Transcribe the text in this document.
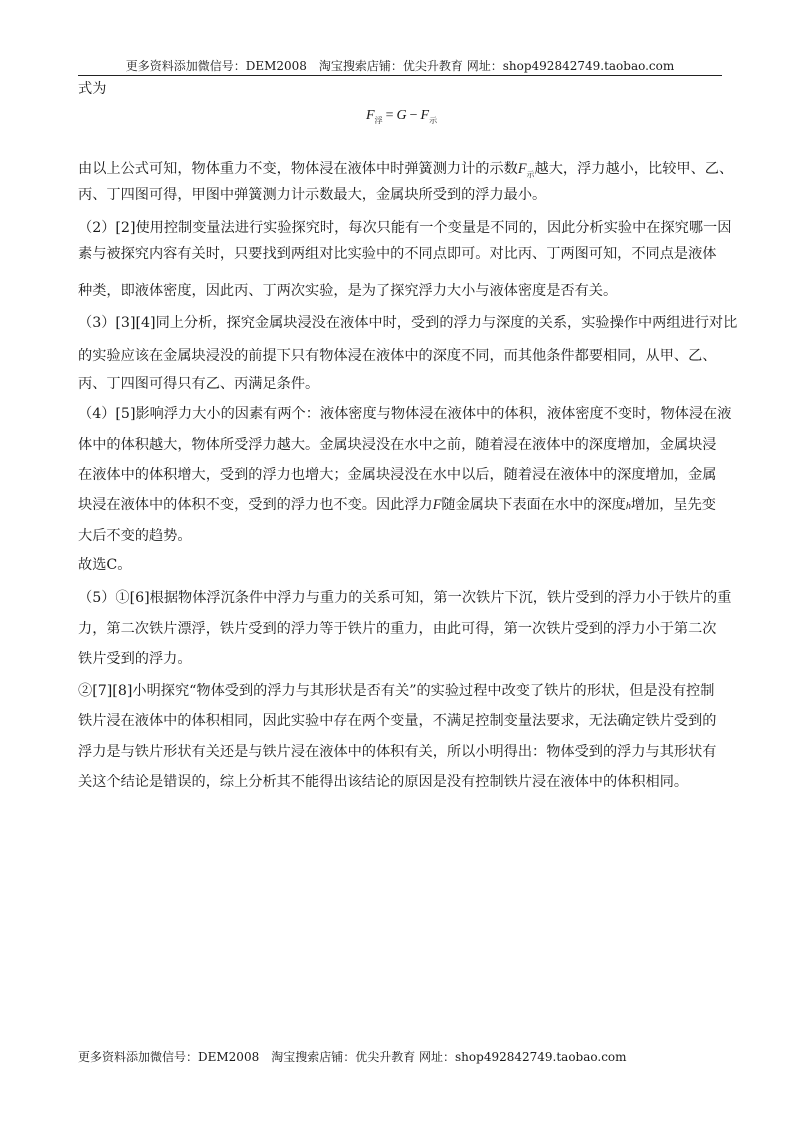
更多资料添加微信号：DEM2008　淘宝搜索店铺：优尖升教育 网址：shop492842749.taobao.com
式为
$F_浮 = G - F_示$
由以上公式可知，物体重力不变，物体浸在液体中时弹簧测力计的示数$F_示$越大，浮力越小，比较甲、乙、
丙、丁四图可得，甲图中弹簧测力计示数最大，金属块所受到的浮力最小。
（2）[2]使用控制变量法进行实验探究时，每次只能有一个变量是不同的，因此分析实验中在探究哪一因
素与被探究内容有关时，只要找到两组对比实验中的不同点即可。对比丙、丁两图可知，不同点是液体
种类，即液体密度，因此丙、丁两次实验，是为了探究浮力大小与液体密度是否有关。
（3）[3][4]同上分析，探究金属块浸没在液体中时，受到的浮力与深度的关系，实验操作中两组进行对比
的实验应该在金属块浸没的前提下只有物体浸在液体中的深度不同，而其他条件都要相同，从甲、乙、
丙、丁四图可得只有乙、丙满足条件。
（4）[5]影响浮力大小的因素有两个：液体密度与物体浸在液体中的体积，液体密度不变时，物体浸在液
体中的体积越大，物体所受浮力越大。金属块浸没在水中之前，随着浸在液体中的深度增加，金属块浸
在液体中的体积增大，受到的浮力也增大；金属块浸没在水中以后，随着浸在液体中的深度增加，金属
块浸在液体中的体积不变，受到的浮力也不变。因此浮力F随金属块下表面在水中的深度h增加，呈先变
大后不变的趋势。
故选C。
（5）①[6]根据物体浮沉条件中浮力与重力的关系可知，第一次铁片下沉，铁片受到的浮力小于铁片的重
力，第二次铁片漂浮，铁片受到的浮力等于铁片的重力，由此可得，第一次铁片受到的浮力小于第二次
铁片受到的浮力。
②[7][8]小明探究“物体受到的浮力与其形状是否有关”的实验过程中改变了铁片的形状，但是没有控制
铁片浸在液体中的体积相同，因此实验中存在两个变量，不满足控制变量法要求，无法确定铁片受到的
浮力是与铁片形状有关还是与铁片浸在液体中的体积有关，所以小明得出：物体受到的浮力与其形状有
关这个结论是错误的，综上分析其不能得出该结论的原因是没有控制铁片浸在液体中的体积相同。
更多资料添加微信号：DEM2008　淘宝搜索店铺：优尖升教育 网址：shop492842749.taobao.com
